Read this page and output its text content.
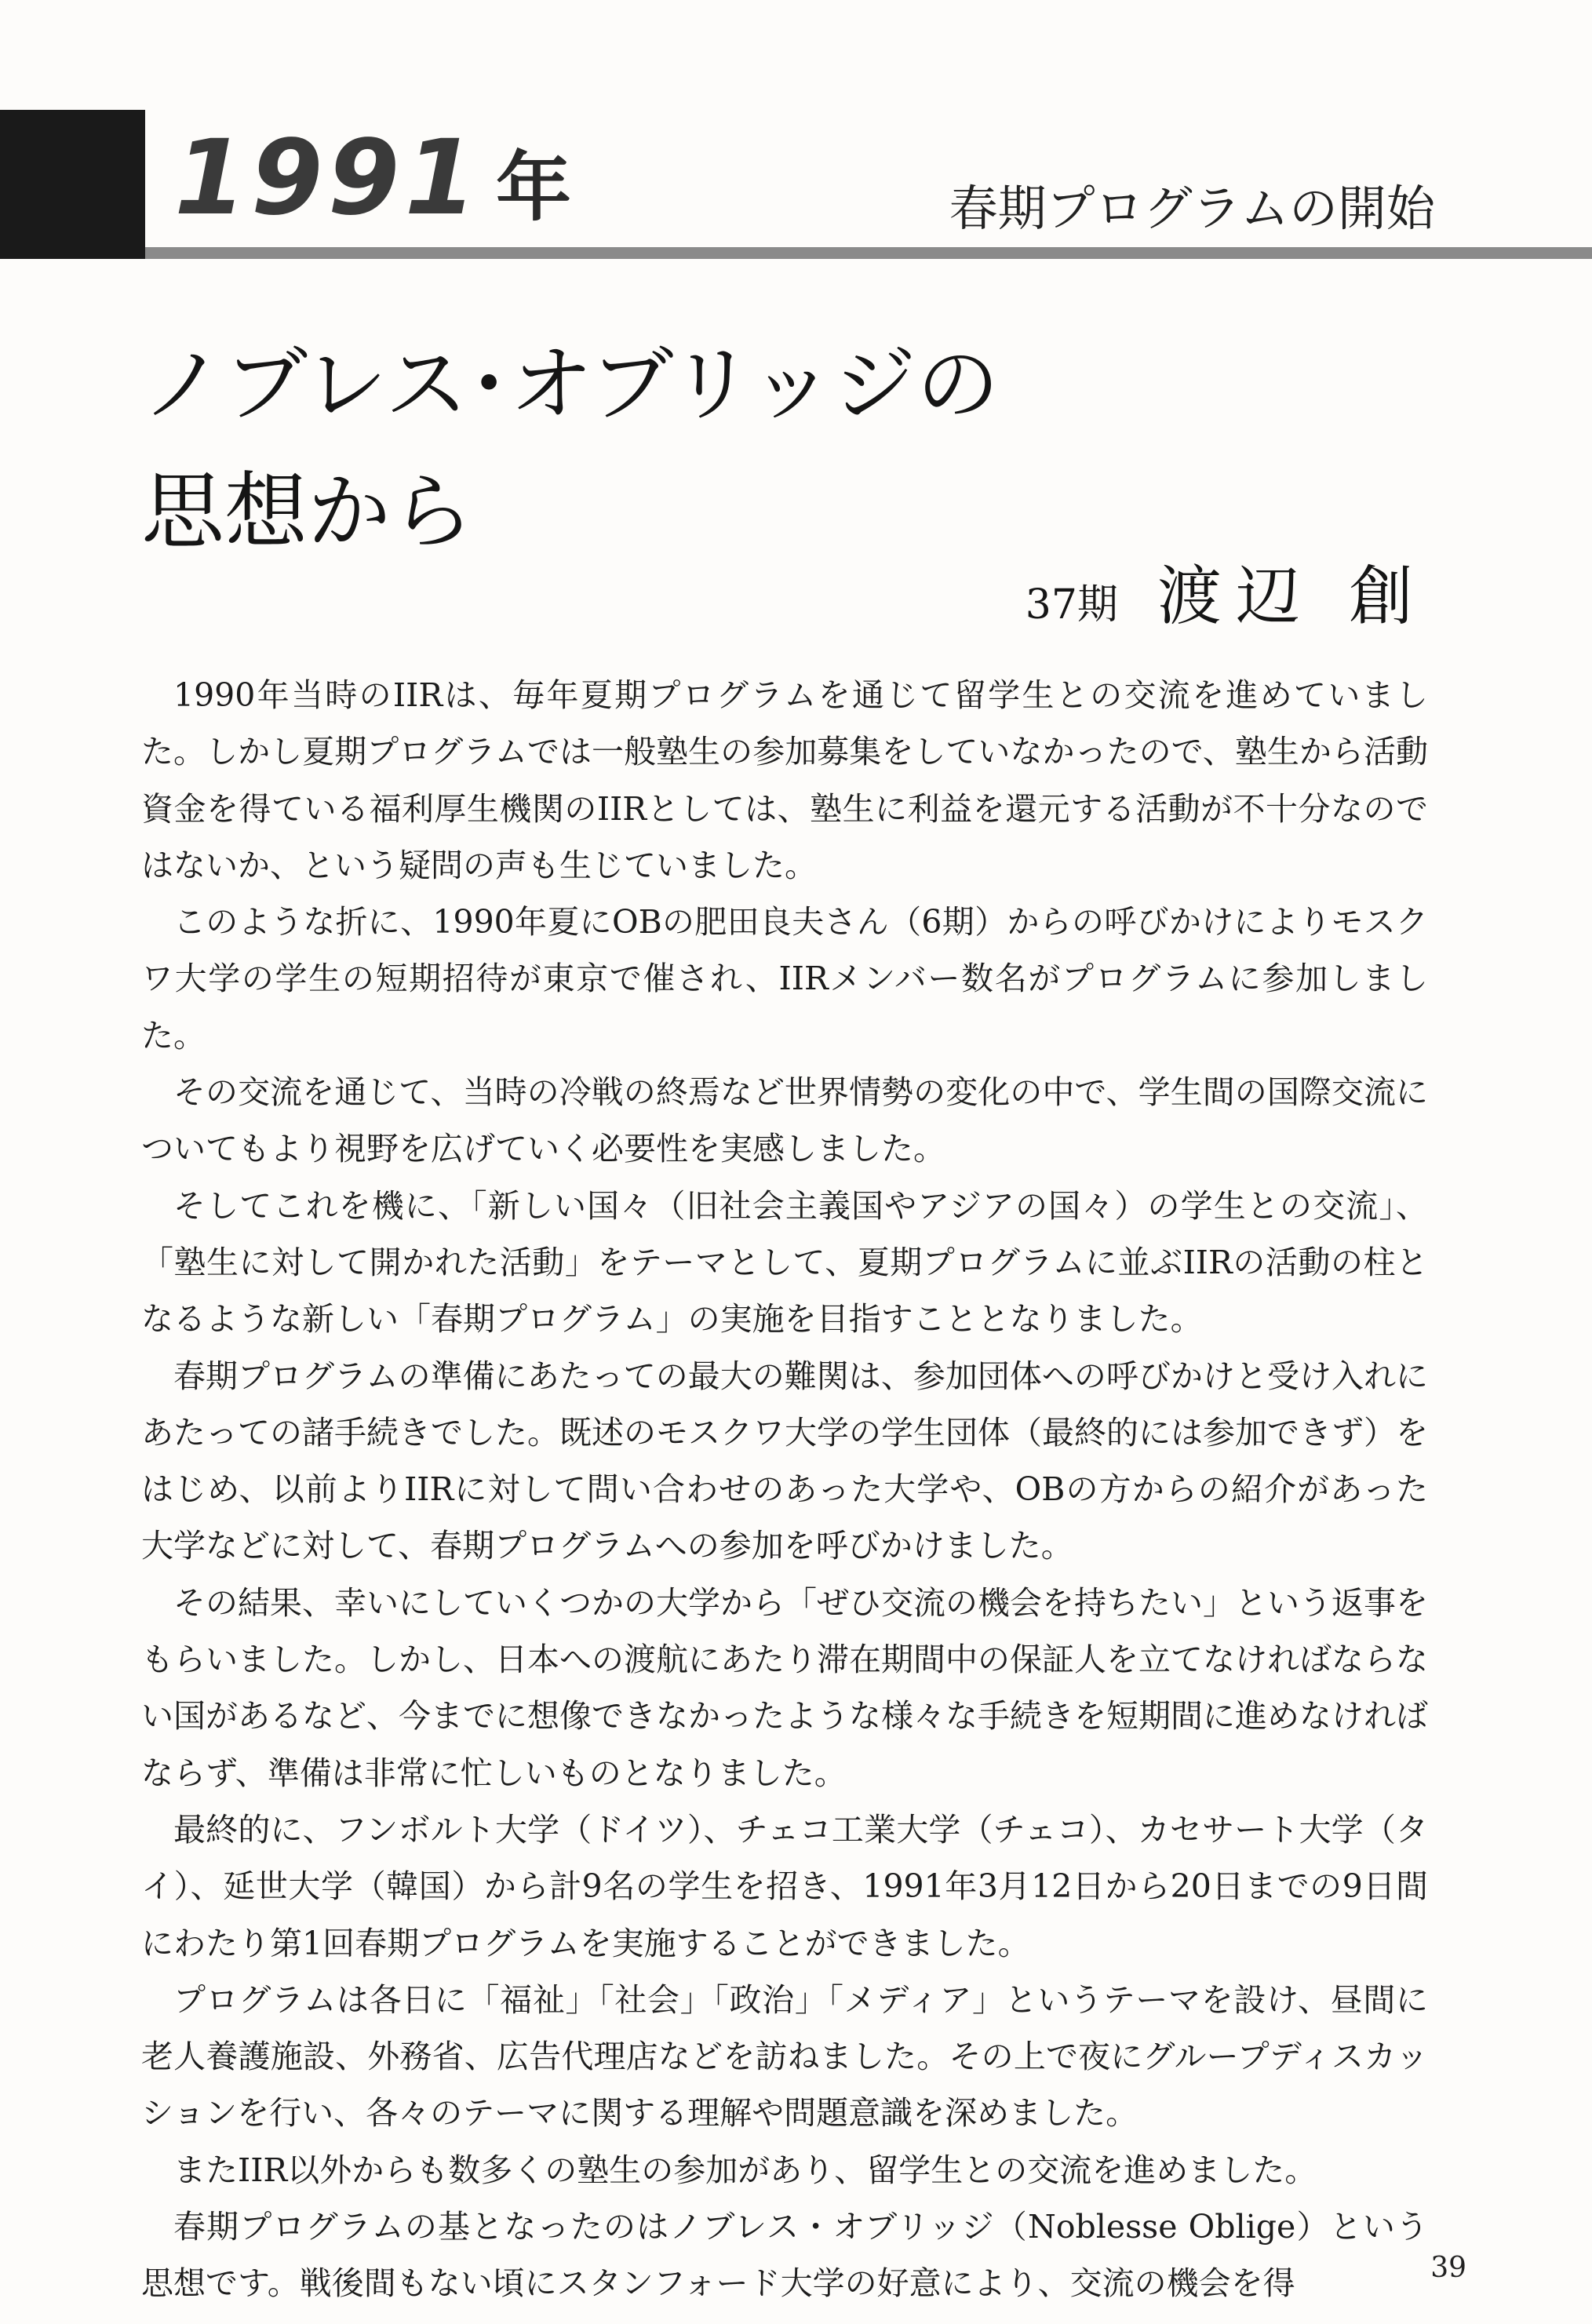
1991 年	春期プログラムの開始
ノブレス･オブリッジの
思想から
37期 渡辺 創

1990年当時のIIRは、毎年夏期プログラムを通じて留学生との交流を進めていました。しかし夏期プログラムでは一般塾生の参加募集をしていなかったので、塾生から活動資金を得ている福利厚生機関のIIRとしては、塾生に利益を還元する活動が不十分なのではないか、という疑問の声も生じていました。

このような折に、1990年夏にOBの肥田良夫さん（6期）からの呼びかけによりモスクワ大学の学生の短期招待が東京で催され、IIRメンバー数名がプログラムに参加しました。

その交流を通じて、当時の冷戦の終焉など世界情勢の変化の中で、学生間の国際交流についてもより視野を広げていく必要性を実感しました。

そしてこれを機に、「新しい国々（旧社会主義国やアジアの国々）の学生との交流」、「塾生に対して開かれた活動」をテーマとして、夏期プログラムに並ぶIIRの活動の柱となるような新しい「春期プログラム」の実施を目指すこととなりました。

春期プログラムの準備にあたっての最大の難関は、参加団体への呼びかけと受け入れにあたっての諸手続きでした。既述のモスクワ大学の学生団体（最終的には参加できず）をはじめ、以前よりIIRに対して問い合わせのあった大学や、OBの方からの紹介があった大学などに対して、春期プログラムへの参加を呼びかけました。

その結果、幸いにしていくつかの大学から「ぜひ交流の機会を持ちたい」という返事をもらいました。しかし、日本への渡航にあたり滞在期間中の保証人を立てなければならない国があるなど、今までに想像できなかったような様々な手続きを短期間に進めなければならず、準備は非常に忙しいものとなりました。

最終的に、フンボルト大学（ドイツ）、チェコ工業大学（チェコ）、カセサート大学（タイ）、延世大学（韓国）から計9名の学生を招き、1991年3月12日から20日までの9日間にわたり第1回春期プログラムを実施することができました。

プログラムは各日に「福祉」「社会」「政治」「メディア」というテーマを設け、昼間に老人養護施設、外務省、広告代理店などを訪ねました。その上で夜にグループディスカッションを行い、各々のテーマに関する理解や問題意識を深めました。

またIIR以外からも数多くの塾生の参加があり、留学生との交流を進めました。

春期プログラムの基となったのはノブレス・オブリッジ（Noblesse Oblige）という思想です。戦後間もない頃にスタンフォード大学の好意により、交流の機会を得	39
